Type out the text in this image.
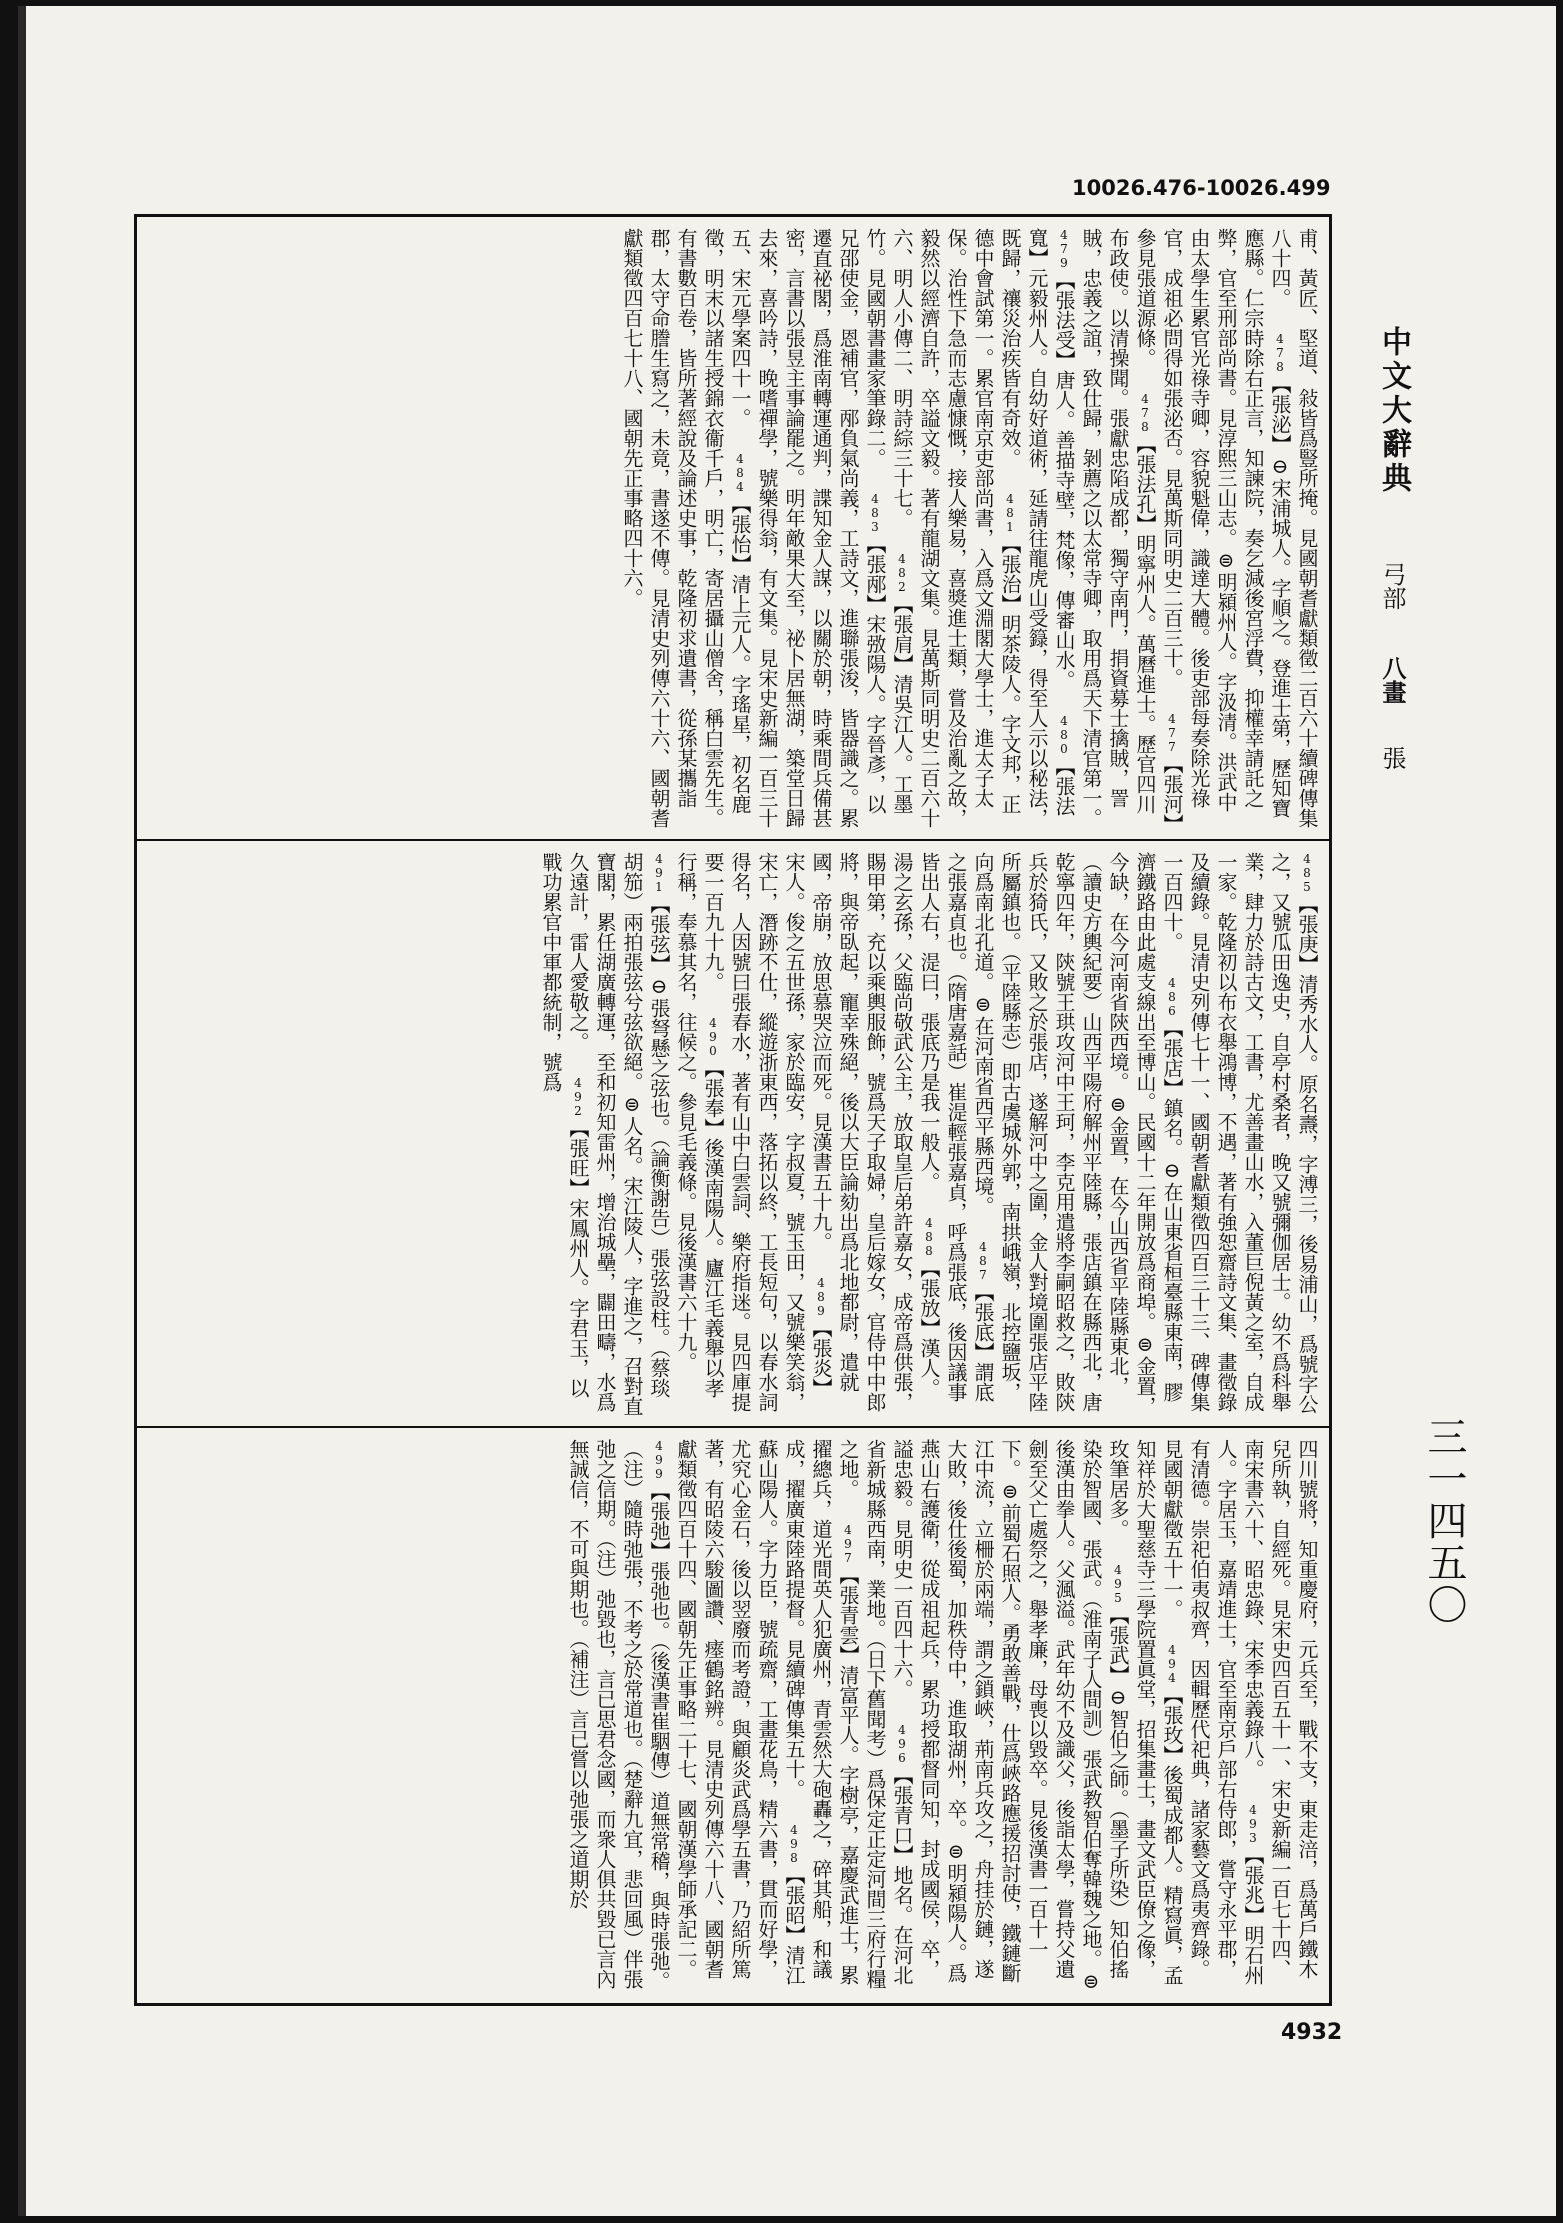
10026.476-10026.499
中文大辭典
弓部
八畫
張
三一四五〇
甫、黃匠、堅道、敍皆爲豎所掩。見國朝耆獻類徵二百六十續碑傳集八十四。 478【張泌】⊖宋浦城人。字順之。登進士第，歷知寶應縣。仁宗時除右正言，知諫院，奏乞減後宮浮費，抑權幸請託之弊，官至刑部尚書。見淳熙三山志。⊜明潁州人。字汲清。洪武中由太學生累官光祿寺卿，容貌魁偉，識達大體。後吏部每奏除光祿官，成祖必問得如張泌否。見萬斯同明史二百三十。 477【張河】參見張道源條。 478【張法孔】明寧州人。萬曆進士。歷官四川布政使。以清操聞。張獻忠陷成都，獨守南門，捐資募士擒賊，詈賊，忠義之誼，致仕歸，剝薦之以太常寺卿，取用爲天下清官第一。 479【張法受】唐人。善描寺壁，梵像，傳審山水。 480【張法寬】元毅州人。自幼好道術，延請往龍虎山受籙，得至人示以秘法，既歸，禳災治疾皆有奇效。 481【張治】明茶陵人。字文邦，正德中會試第一。累官南京吏部尚書，入爲文淵閣大學士，進太子太保。治性下急而志慮慷慨，接人樂易，喜獎進士類，嘗及治亂之故，毅然以經濟自許，卒謚文毅。著有龍湖文集。見萬斯同明史二百六十六、明人小傳二、明詩綜三十七。 482【張肩】清吳江人。工墨竹。見國朝書畫家筆錄二。 483【張邴】宋㢸陽人。字晉彥，以兄邵使金，恩補官，邴負氣尚義，工詩文，進聯張浚，皆器識之。累遷直祕閣，爲淮南轉運通判，諜知金人謀，以關於朝，時乘間兵備甚密，言書以張昱主事論罷之。明年敵果大至，祕卜居無湖，築堂日歸去來，喜吟詩，晚嗜禪學，號樂得翁，有文集。見宋史新編一百三十五、宋元學案四十一。 484【張怡】清上元人。字瑤星，初名鹿徵，明末以諸生授錦衣衞千戶，明亡，寄居攝山僧舍，稱白雲先生。有書數百卷，皆所著經說及論述史事，乾隆初求遺書，從孫某攜詣郡，太守命謄生寫之，未竟，書遂不傳。見清史列傳六十六、國朝耆獻類徵四百七十八、國朝先正事略四十六。
485【張庚】清秀水人。原名燾，字溥三，後易浦山，爲號字公之，又號瓜田逸史，自亭村桑者，晚又號彌伽居士。幼不爲科舉業，肆力於詩古文，工書，尤善畫山水，入董巨倪黃之室，自成一家。乾隆初以布衣舉鴻博，不遇，著有強恕齋詩文集、畫徵錄及續錄。見清史列傳七十一、國朝耆獻類徵四百三十三、碑傳集一百四十。 486【張店】鎮名。⊖在山東省桓臺縣東南，膠濟鐵路由此處支線出至博山。民國十二年開放爲商埠。⊜金置，今缺，在今河南省陝西境。⊜金置，在今山西省平陸縣東北，（讀史方輿紀要）山西平陽府解州平陸縣，張店鎮在縣西北，唐乾寧四年，陝號王珙攻河中王珂，李克用遣將李嗣昭救之，敗陝兵於猗氏，又敗之於張店，遂解河中之圍，金人對境圍張店平陸所屬鎮也。（平陸縣志）即古虞城外郭，南拱峨嶺，北控鹽坂，向爲南北孔道。⊜在河南省西平縣西境。 487【張底】謂底之張嘉貞也。（隋唐嘉話）崔湜輕張嘉貞，呼爲張底，後因議事皆出人右，湜曰，張底乃是我一般人。 488【張放】漢人。湯之玄孫，父臨尚敬武公主，放取皇后弟許嘉女，成帝爲供張，賜甲第，充以乘輿服飾，號爲天子取婦，皇后嫁女，官侍中中郎將，與帝臥起，寵幸殊絕，後以大臣論劾出爲北地都尉，遣就國，帝崩，放思慕哭泣而死。見漢書五十九。 489【張炎】宋人。俊之五世孫，家於臨安，字叔夏，號玉田，又號樂笑翁，宋亡，潛跡不仕，縱遊浙東西，落拓以終，工長短句，以春水詞得名，人因號曰張春水，著有山中白雲詞、樂府指迷。見四庫提要一百九十九。 490【張奉】後漢南陽人。廬江毛義舉以孝行稱，奉慕其名，往候之。參見毛義條。見後漢書六十九。 491【張弦】⊖張弩懸之弦也。（論衡謝告）張弦設柱。（蔡琰胡笳）兩拍張弦兮弦欲絕。⊜人名。宋江陵人，字進之，召對直寶閣，累任湖廣轉運，至和初知雷州，增治城壘，闢田疇，水爲久遠計，雷人愛敬之。 492【張旺】宋鳳州人。字君玉，以戰功累官中軍都統制，號爲
四川號將，知重慶府，元兵至，戰不支，東走涪，爲萬戶鐵木兒所執，自經死。見宋史四百五十一、宋史新編一百七十四、南宋書六十、昭忠錄、宋季忠義錄八。 493【張兆】明石州人。字居玉，嘉靖進士，官至南京戶部右侍郎，嘗守永平郡，有清德。崇祀伯夷叔齊，因輯歷代祀典，諸家藝文爲夷齊錄。見國朝獻徵五十一。 494【張玫】後蜀成都人。精寫眞，孟知祥於大聖慈寺三學院置眞堂，招集畫士，畫文武臣僚之像，玫筆居多。 495【張武】⊖智伯之師。（墨子所染）知伯搖染於智國、張武。（淮南子人間訓）張武教智伯奪韓魏之地。⊜後漢由拳人。父渢溢。武年幼不及識父，後詣太學，嘗持父遺劍至父亡處祭之，舉孝廉，母喪以毀卒。見後漢書一百十一下。⊜前蜀石照人。勇敢善戰，仕爲峽路應援招討使，鐵鏈斷江中流，立柵於兩端，謂之鎖峽，荊南兵攻之，舟挂於鏈，遂大敗，後仕後蜀，加秩侍中，進取湖州，卒。⊜明潁陽人。爲燕山右護衛，從成祖起兵，累功授都督同知，封成國侯，卒，謚忠毅。見明史一百四十六。 496【張青口】地名。在河北省新城縣西南，業地。（日下舊聞考）爲保定正定河間三府行糧之地。 497【張青雲】清富平人。字樹亭，嘉慶武進士，累擢總兵，道光間英人犯廣州，青雲然大砲轟之，碎其船，和議成，擢廣東陸路提督。見續碑傳集五十。 498【張昭】清江蘇山陽人。字力臣，號疏齋，工畫花鳥，精六書，貫而好學，尤究心金石，後以翌廢而考證，與顧炎武爲學五書，乃紹所篤著，有昭陵六駿圖讚、瘗鶴銘辨。見清史列傳六十八、國朝耆獻類徵四百十四、國朝先正事略二十七、國朝漢學師承記二。 499【張弛】張弛也。（後漢書崔駰傳）道無常稽，與時張弛。（注）隨時弛張，不考之於常道也。（楚辭九宜，悲回風）伴張弛之信期。（注）弛毀也，言已思君念國，而衆人俱共毀已言內無誠信，不可與期也。（補注）言已嘗以弛張之道期於
4932
